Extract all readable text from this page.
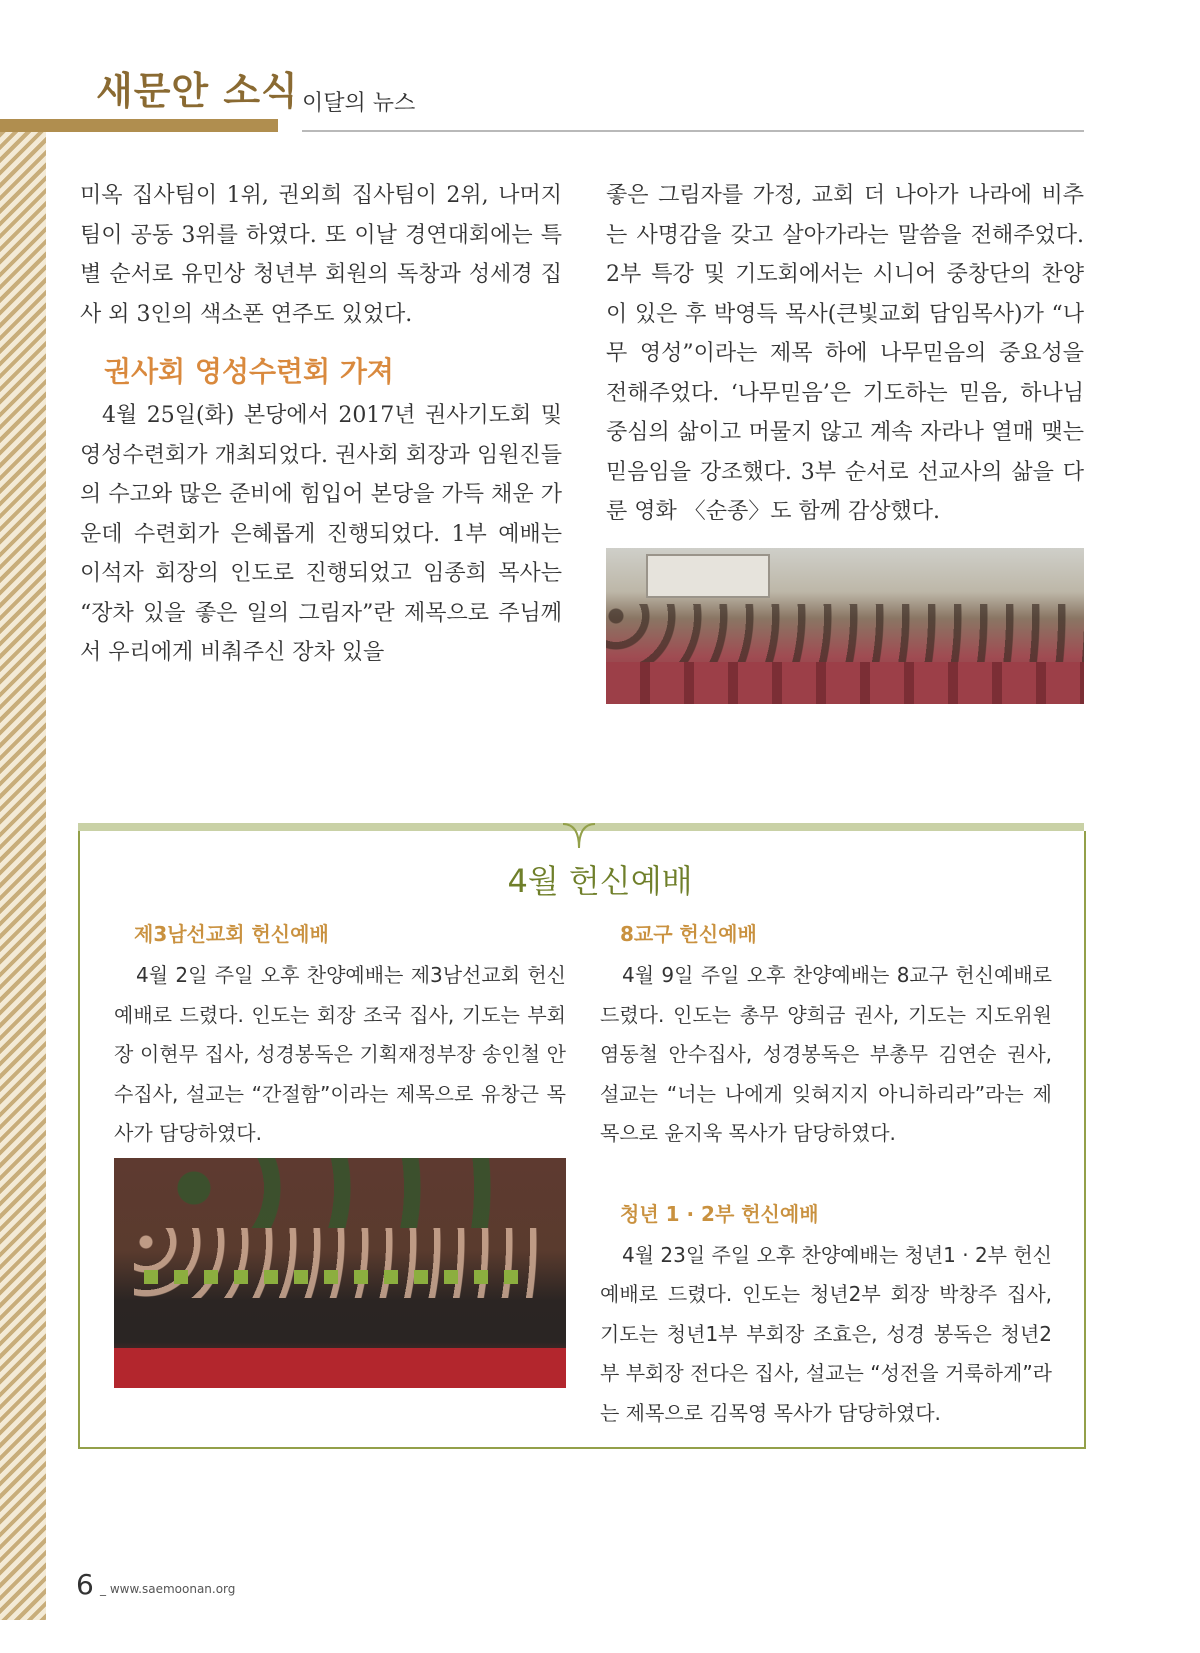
새문안 소식 이달의 뉴스

미옥 집사팀이 1위, 권외희 집사팀이 2위, 나머지 팀이 공동 3위를 하였다. 또 이날 경연대회에는 특별 순서로 유민상 청년부 회원의 독창과 성세경 집사 외 3인의 색소폰 연주도 있었다.

권사회 영성수련회 가져

4월 25일(화) 본당에서 2017년 권사기도회 및 영성수련회가 개최되었다. 권사회 회장과 임원진들의 수고와 많은 준비에 힘입어 본당을 가득 채운 가운데 수련회가 은혜롭게 진행되었다. 1부 예배는 이석자 회장의 인도로 진행되었고 임종희 목사는 “장차 있을 좋은 일의 그림자”란 제목으로 주님께서 우리에게 비춰주신 장차 있을

좋은 그림자를 가정, 교회 더 나아가 나라에 비추는 사명감을 갖고 살아가라는 말씀을 전해주었다. 2부 특강 및 기도회에서는 시니어 중창단의 찬양이 있은 후 박영득 목사(큰빛교회 담임목사)가 “나무 영성”이라는 제목 하에 나무믿음의 중요성을 전해주었다. ‘나무믿음’은 기도하는 믿음, 하나님 중심의 삶이고 머물지 않고 계속 자라나 열매 맺는 믿음임을 강조했다. 3부 순서로 선교사의 삶을 다룬 영화 〈순종〉도 함께 감상했다.

4월 헌신예배
제3남선교회 헌신예배

4월 2일 주일 오후 찬양예배는 제3남선교회 헌신예배로 드렸다. 인도는 회장 조국 집사, 기도는 부회장 이현무 집사, 성경봉독은 기획재정부장 송인철 안수집사, 설교는 “간절함”이라는 제목으로 유창근 목사가 담당하였다.

8교구 헌신예배

4월 9일 주일 오후 찬양예배는 8교구 헌신예배로 드렸다. 인도는 총무 양희금 권사, 기도는 지도위원 염동철 안수집사, 성경봉독은 부총무 김연순 권사, 설교는 “너는 나에게 잊혀지지 아니하리라”라는 제목으로 윤지욱 목사가 담당하였다.

청년 1 · 2부 헌신예배

4월 23일 주일 오후 찬양예배는 청년1 · 2부 헌신예배로 드렸다. 인도는 청년2부 회장 박창주 집사, 기도는 청년1부 부회장 조효은, 성경 봉독은 청년2부 부회장 전다은 집사, 설교는 “성전을 거룩하게”라는 제목으로 김목영 목사가 담당하였다.

6 _ www.saemoonan.org
